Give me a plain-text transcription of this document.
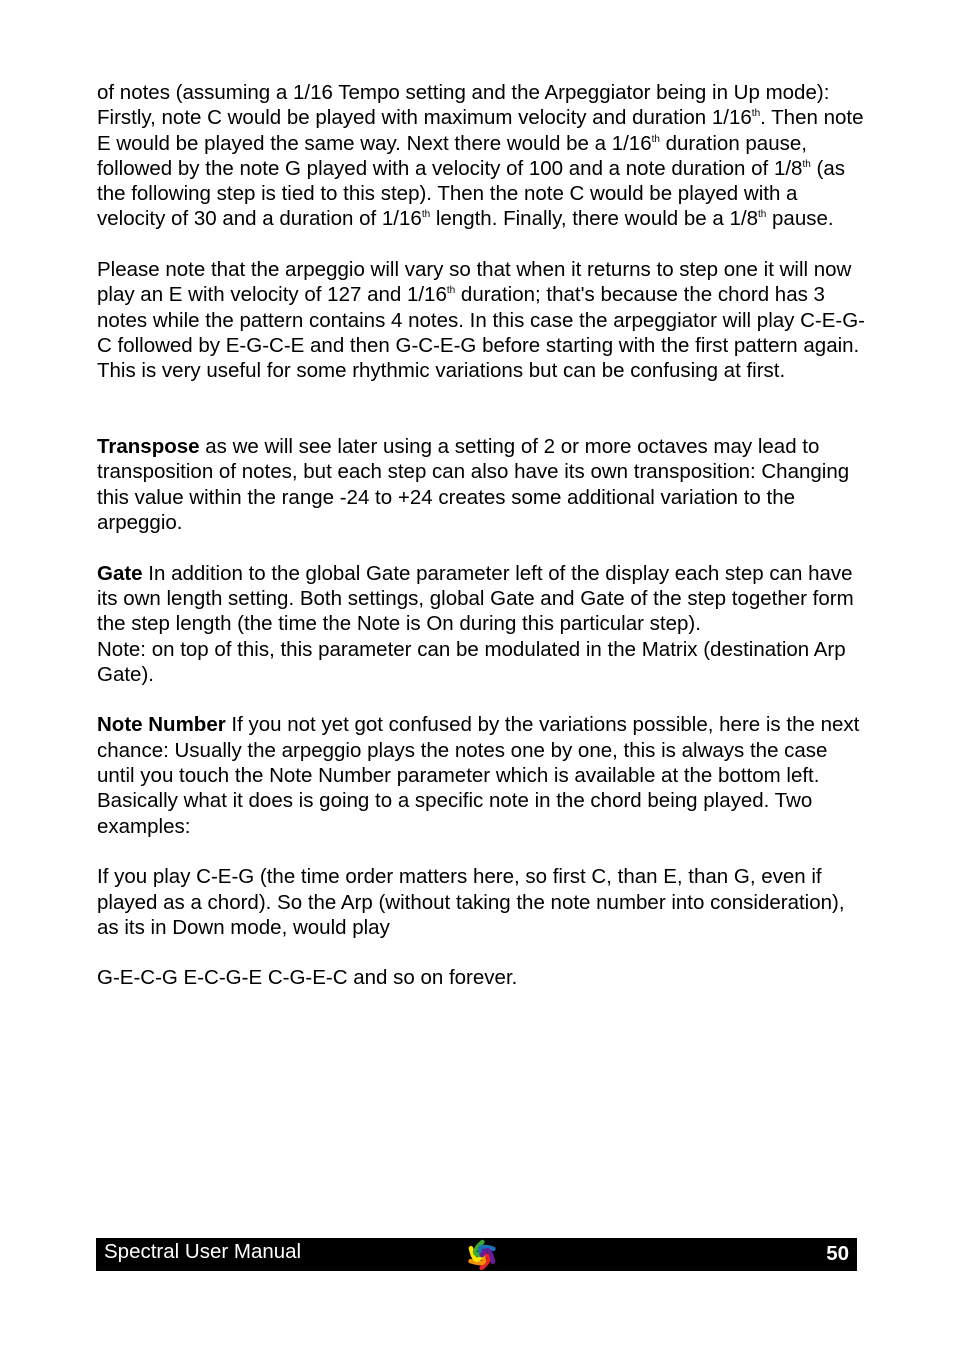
of notes (assuming a 1/16 Tempo setting and the Arpeggiator being in Up mode):
Firstly, note C would be played with maximum velocity and duration 1/16th. Then note E would be played the same way. Next there would be a 1/16th duration pause, followed by the note G played with a velocity of 100 and a note duration of 1/8th (as the following step is tied to this step). Then the note C would be played with a velocity of 30 and a duration of 1/16th length. Finally, there would be a 1/8th pause.

Please note that the arpeggio will vary so that when it returns to step one it will now play an E with velocity of 127 and 1/16th duration; that's because the chord has 3 notes while the pattern contains 4 notes. In this case the arpeggiator will play C-E-G-C followed by E-G-C-E and then G-C-E-G before starting with the first pattern again. This is very useful for some rhythmic variations but can be confusing at first.

Transpose as we will see later using a setting of 2 or more octaves may lead to transposition of notes, but each step can also have its own transposition: Changing this value within the range -24 to +24 creates some additional variation to the arpeggio.

Gate In addition to the global Gate parameter left of the display each step can have its own length setting. Both settings, global Gate and Gate of the step together form the step length (the time the Note is On during this particular step).
Note: on top of this, this parameter can be modulated in the Matrix (destination Arp Gate).

Note Number If you not yet got confused by the variations possible, here is the next chance: Usually the arpeggio plays the notes one by one, this is always the case until you touch the Note Number parameter which is available at the bottom left.
Basically what it does is going to a specific note in the chord being played. Two examples:

If you play C-E-G (the time order matters here, so first C, than E, than G, even if played as a chord). So the Arp (without taking the note number into consideration), as its in Down mode, would play

G-E-C-G E-C-G-E C-G-E-C and so on forever.

Spectral User Manual	50
